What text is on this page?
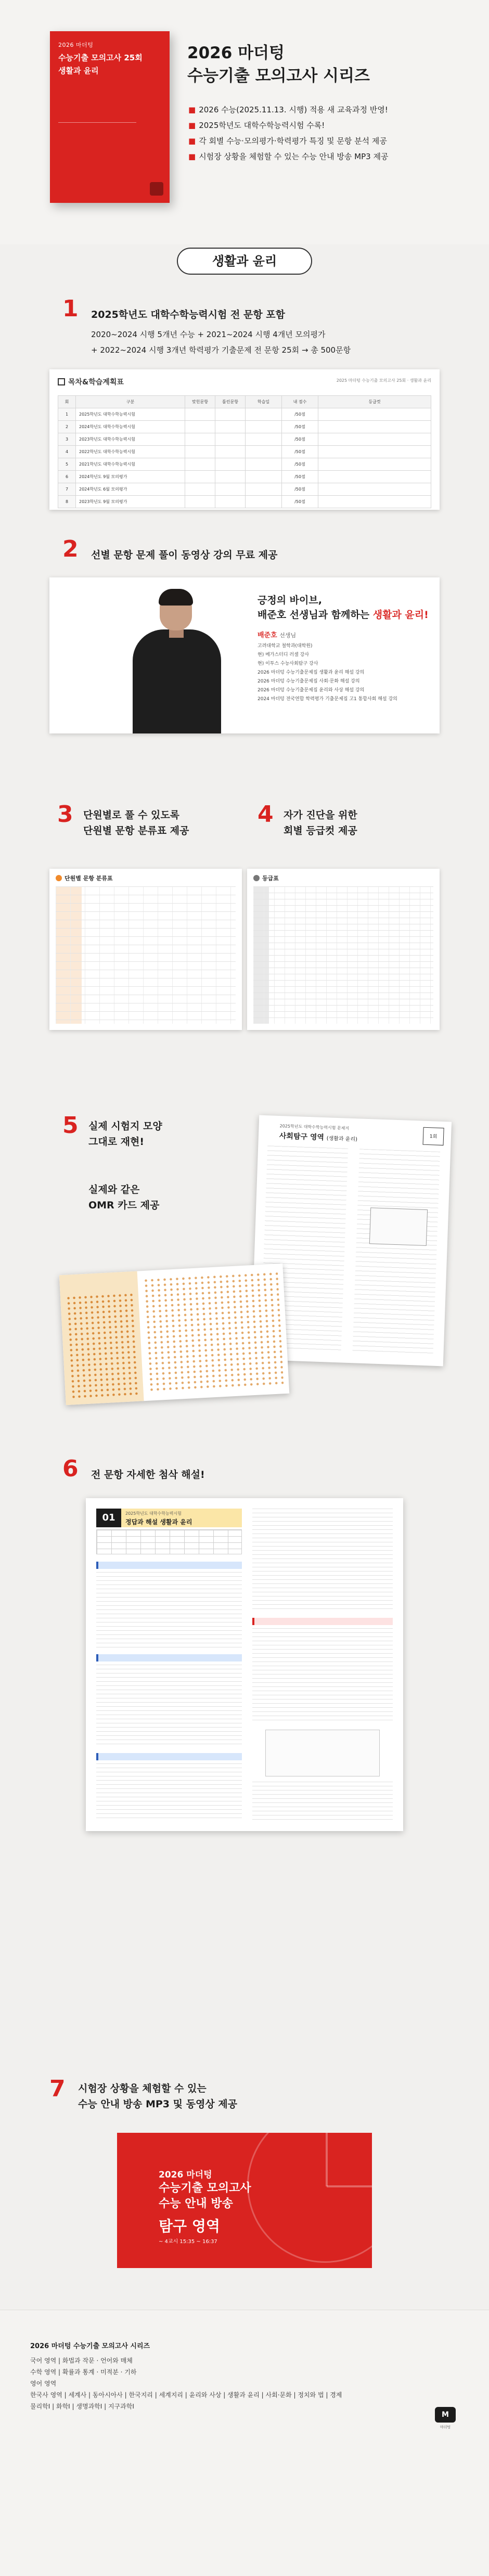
2026 마더텅
수능기출 모의고사 25회
생활과 윤리
2026 마더텅
수능기출 모의고사 시리즈
■ 2026 수능(2025.11.13. 시행) 적용 새 교육과정 반영!
■ 2025학년도 대학수학능력시험 수록!
■ 각 회별 수능·모의평가·학력평가 특징 및 문항 분석 제공
■ 시험장 상황을 체험할 수 있는 수능 안내 방송 MP3 제공
생활과 윤리
1 2025학년도 대학수학능력시험 전 문항 포함
2020~2024 시행 5개년 수능 + 2021~2024 시행 4개년 모의평가
+ 2022~2024 시행 3개년 학력평가 기출문제 전 문항 25회 → 총 500문항
목차&학습계획표	2025 마더텅 수능기출 모의고사 25회 · 생활과 윤리
회	구분	맞힌문항	틀린문항	학습일	내 점수	등급컷
1	2025학년도 대학수학능력시험				/50점	
2	2024학년도 대학수학능력시험				/50점	
3	2023학년도 대학수학능력시험				/50점	
4	2022학년도 대학수학능력시험				/50점	
5	2021학년도 대학수학능력시험				/50점	
6	2024학년도 9월 모의평가				/50점	
7	2024학년도 6월 모의평가				/50점	
8	2023학년도 9월 모의평가				/50점	
2 선별 문항 문제 풀이 동영상 강의 무료 제공
긍정의 바이브,
배준호 선생님과 함께하는 생활과 윤리!
배준호 선생님
고려대학교 철학과(대학원)
현) 메가스터디 러셀 강사
현) 이투스 수능사회탐구 강사
2026 마더텅 수능기출문제집 생활과 윤리 해설 강의
2026 마더텅 수능기출문제집 사회·문화 해설 강의
2026 마더텅 수능기출문제집 윤리와 사상 해설 강의
2024 마더텅 전국연합 학력평가 기출문제집 고1 통합사회 해설 강의
3 단원별로 풀 수 있도록
단원별 문항 분류표 제공
4 자가 진단을 위한
회별 등급컷 제공
단원별 문항 분류표	등급표
5 실제 시험지 모양
그대로 재현!
실제와 같은
OMR 카드 제공
2025학년도 대학수학능력시험 문제지
사회탐구 영역 (생활과 윤리)	1회
6 전 문항 자세한 첨삭 해설!
01	2025학년도 대학수학능력시험
정답과 해설 생활과 윤리
7 시험장 상황을 체험할 수 있는
수능 안내 방송 MP3 및 동영상 제공
2026 마더텅
수능기출 모의고사
수능 안내 방송
탐구 영역
~ 4교시 15:35 ~ 16:37
2026 마더텅 수능기출 모의고사 시리즈
국어 영역 | 화법과 작문 · 언어와 매체
수학 영역 | 확률과 통계 · 미적분 · 기하
영어 영역
한국사 영역 | 세계사 | 동아시아사 | 한국지리 | 세계지리 | 윤리와 사상 | 생활과 윤리 | 사회·문화 | 정치와 법 | 경제
물리학Ⅰ | 화학Ⅰ | 생명과학Ⅰ | 지구과학Ⅰ
M
마더텅
